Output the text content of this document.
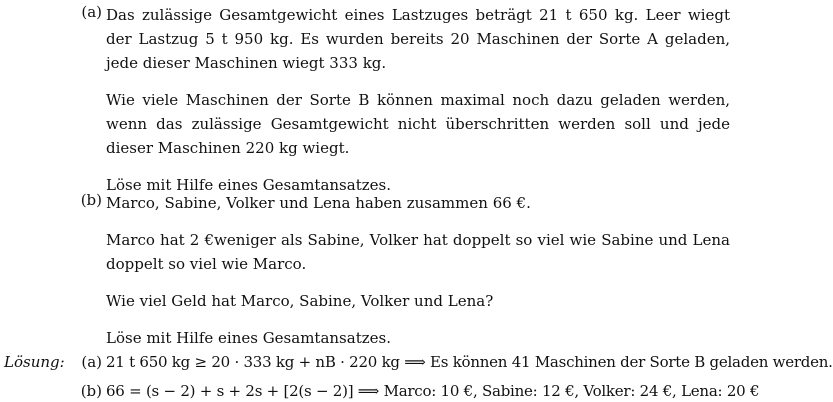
(a) Das zulässige Gesamtgewicht eines Lastzuges beträgt 21 t 650 kg. Leer wiegt der Lastzug 5 t 950 kg. Es wurden bereits 20 Maschinen der Sorte A geladen, jede dieser Maschinen wiegt 333 kg.

Wie viele Maschinen der Sorte B können maximal noch dazu geladen werden, wenn das zulässige Gesamtgewicht nicht überschritten werden soll und jede dieser Maschinen 220 kg wiegt.

Löse mit Hilfe eines Gesamtansatzes.

(b) Marco, Sabine, Volker und Lena haben zusammen 66 €.

Marco hat 2 €weniger als Sabine, Volker hat doppelt so viel wie Sabine und Lena doppelt so viel wie Marco.

Wie viel Geld hat Marco, Sabine, Volker und Lena?

Löse mit Hilfe eines Gesamtansatzes.

Lösung:	(a) 21 t 650 kg ≥ 20 · 333 kg + nB · 220 kg ⟹ Es können 41 Maschinen der Sorte B geladen werden.
(b) 66 = (s − 2) + s + 2s + [2(s − 2)] ⟹ Marco: 10 €, Sabine: 12 €, Volker: 24 €, Lena: 20 €
